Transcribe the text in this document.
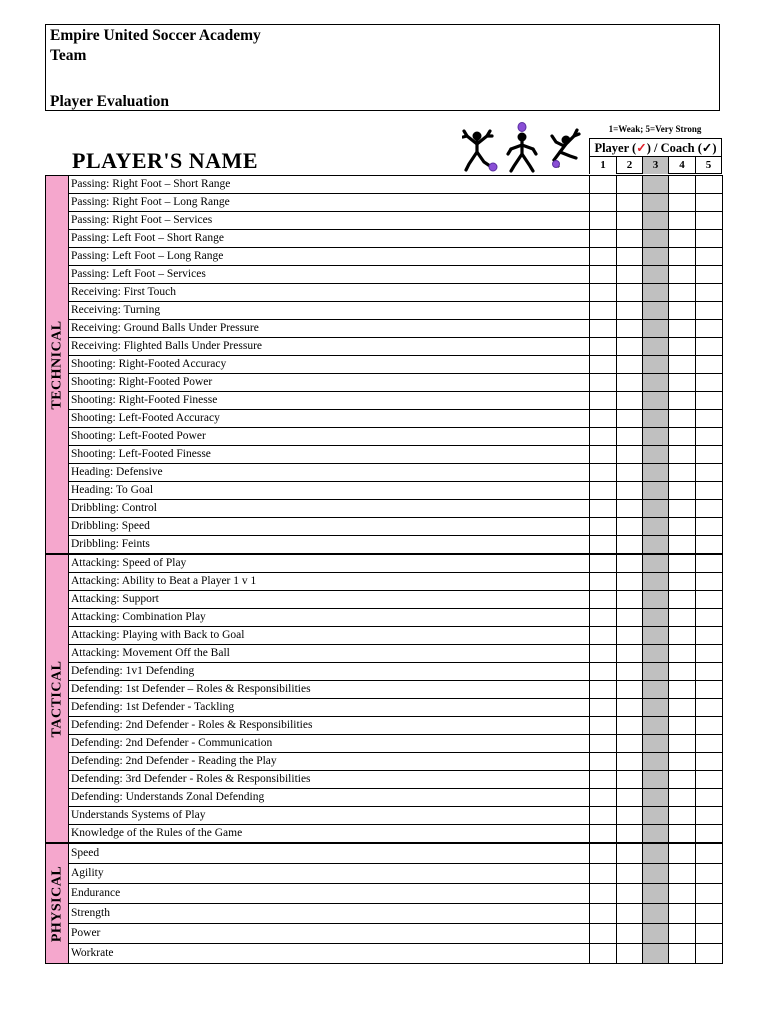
Empire United Soccer Academy
Team
Player Evaluation
1=Weak; 5=Very Strong
PLAYER'S NAME	Player (✓) / Coach (✓)
1	2	3	4	5
TECHNICAL	Passing: Right Foot – Short Range					
	Passing: Right Foot – Long Range					
	Passing: Right Foot – Services					
	Passing: Left Foot – Short Range					
	Passing: Left Foot – Long Range					
	Passing: Left Foot – Services					
	Receiving: First Touch					
	Receiving: Turning					
	Receiving: Ground Balls Under Pressure					
	Receiving: Flighted Balls Under Pressure					
	Shooting: Right-Footed Accuracy					
	Shooting: Right-Footed Power					
	Shooting: Right-Footed Finesse					
	Shooting: Left-Footed Accuracy					
	Shooting: Left-Footed Power					
	Shooting: Left-Footed Finesse					
	Heading: Defensive					
	Heading: To Goal					
	Dribbling: Control					
	Dribbling: Speed					
	Dribbling: Feints					

TACTICAL	Attacking: Speed of Play					
	Attacking: Ability to Beat a Player 1 v 1					
	Attacking: Support					
	Attacking: Combination Play					
	Attacking: Playing with Back to Goal					
	Attacking: Movement Off the Ball					
	Defending: 1v1 Defending					
	Defending: 1st Defender – Roles & Responsibilities					
	Defending: 1st Defender - Tackling					
	Defending: 2nd Defender - Roles & Responsibilities					
	Defending: 2nd Defender - Communication					
	Defending: 2nd Defender - Reading the Play					
	Defending: 3rd Defender - Roles & Responsibilities					
	Defending: Understands Zonal Defending					
	Understands Systems of Play					
	Knowledge of the Rules of the Game					

PHYSICAL	Speed					
	Agility					
	Endurance					
	Strength					
	Power					
	Workrate					
